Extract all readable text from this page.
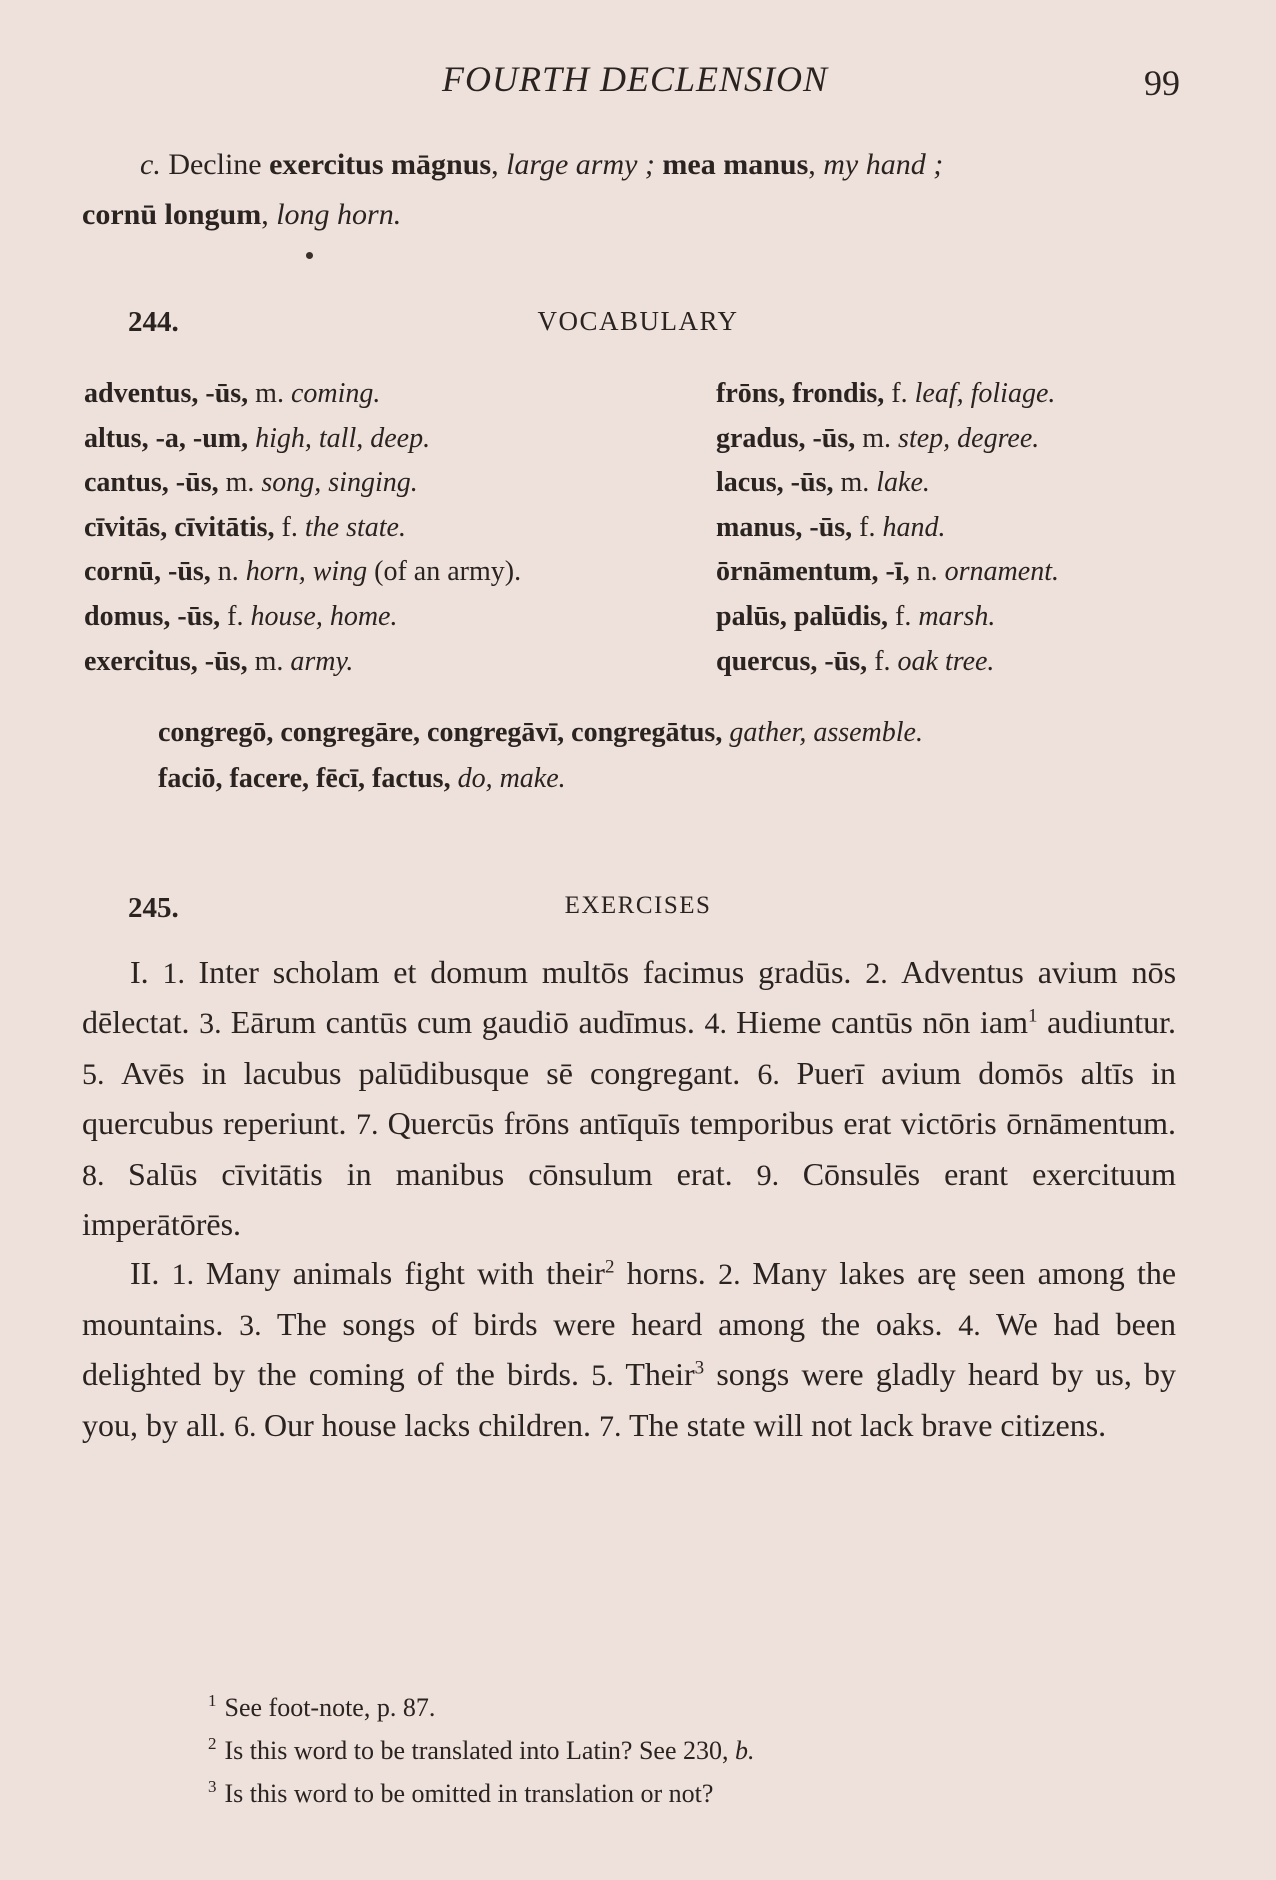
FOURTH DECLENSION	99
c. Decline exercitus māgnus, large army ; mea manus, my hand ;
cornū longum, long horn.
244.	VOCABULARY
adventus, -ūs, m. coming.
altus, -a, -um, high, tall, deep.
cantus, -ūs, m. song, singing.
cīvitās, cīvitātis, f. the state.
cornū, -ūs, n. horn, wing (of an army).
domus, -ūs, f. house, home.
exercitus, -ūs, m. army.
frōns, frondis, f. leaf, foliage.
gradus, -ūs, m. step, degree.
lacus, -ūs, m. lake.
manus, -ūs, f. hand.
ōrnāmentum, -ī, n. ornament.
palūs, palūdis, f. marsh.
quercus, -ūs, f. oak tree.
congregō, congregāre, congregāvī, congregātus, gather, assemble.
faciō, facere, fēcī, factus, do, make.
245.	EXERCISES

I. 1. Inter scholam et domum multōs facimus gradūs. 2. Adventus avium nōs dēlectat. 3. Eārum cantūs cum gaudiō audīmus. 4. Hieme cantūs nōn iam$^1$ audiuntur. 5. Avēs in lacubus palūdibusque sē congregant. 6. Puerī avium domōs altīs in quercubus reperiunt. 7. Quercūs frōns antīquīs temporibus erat victōris ōrnāmentum. 8. Salūs cīvitātis in manibus cōnsulum erat. 9. Cōnsulēs erant exercituum imperātōrēs.

II. 1. Many animals fight with their$^2$ horns. 2. Many lakes arę seen among the mountains. 3. The songs of birds were heard among the oaks. 4. We had been delighted by the coming of the birds. 5. Their$^3$ songs were gladly heard by us, by you, by all. 6. Our house lacks children. 7. The state will not lack brave citizens.

$^1$ See foot-note, p. 87.
$^2$ Is this word to be translated into Latin? See 230, b.
$^3$ Is this word to be omitted in translation or not?
